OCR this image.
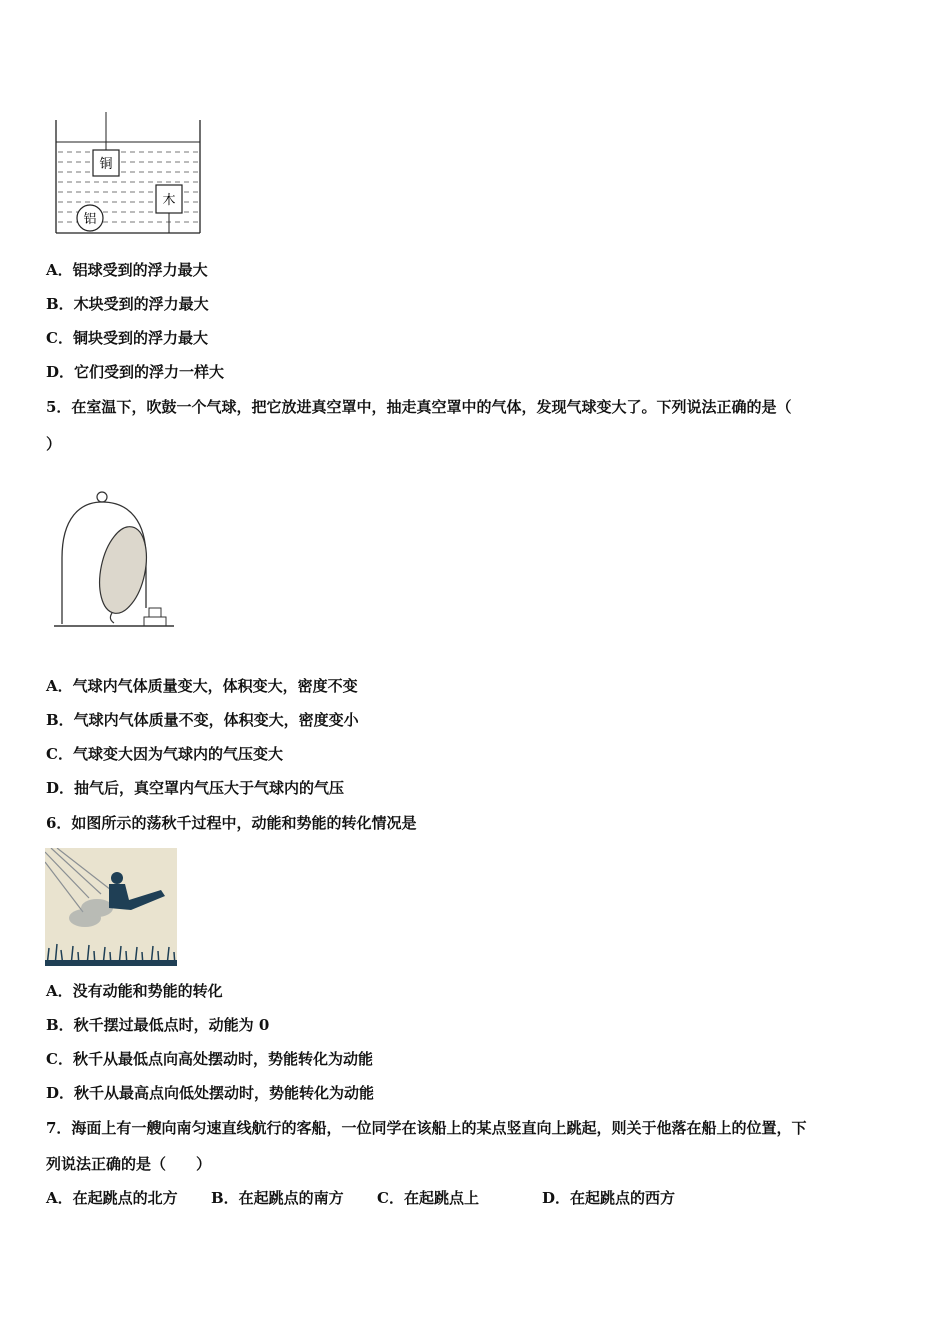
铜
木
铝
A．铝球受到的浮力最大
B．木块受到的浮力最大
C．铜块受到的浮力最大
D．它们受到的浮力一样大
5．在室温下，吹鼓一个气球，把它放进真空罩中，抽走真空罩中的气体，发现气球变大了。下列说法正确的是（
）
A．气球内气体质量变大，体积变大，密度不变
B．气球内气体质量不变，体积变大，密度变小
C．气球变大因为气球内的气压变大
D．抽气后，真空罩内气压大于气球内的气压
6．如图所示的荡秋千过程中，动能和势能的转化情况是
A．没有动能和势能的转化
B．秋千摆过最低点时，动能为 0
C．秋千从最低点向高处摆动时，势能转化为动能
D．秋千从最高点向低处摆动时，势能转化为动能
7．海面上有一艘向南匀速直线航行的客船，一位同学在该船上的某点竖直向上跳起，则关于他落在船上的位置，下
列说法正确的是（　　）
A．在起跳点的北方 B．在起跳点的南方 C．在起跳点上	D．在起跳点的西方
